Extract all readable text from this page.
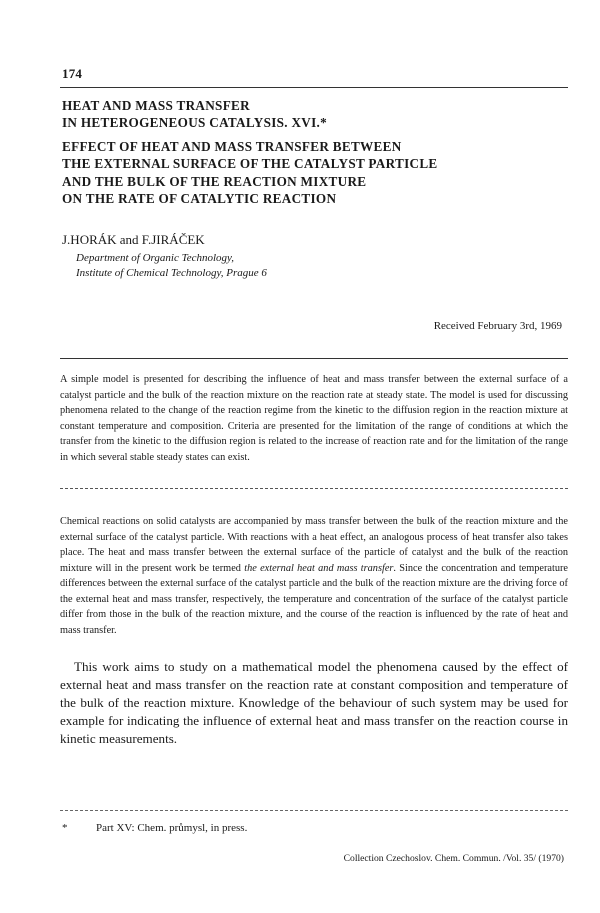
174

HEAT AND MASS TRANSFER

IN HETEROGENEOUS CATALYSIS. XVI.*

EFFECT OF HEAT AND MASS TRANSFER BETWEEN

THE EXTERNAL SURFACE OF THE CATALYST PARTICLE

AND THE BULK OF THE REACTION MIXTURE

ON THE RATE OF CATALYTIC REACTION

J.HORÁK and F.JIRÁČEK

Department of Organic Technology,

Institute of Chemical Technology, Prague 6

Received February 3rd, 1969

A simple model is presented for describing the influence of heat and mass transfer between the external surface of a catalyst particle and the bulk of the reaction mixture on the reaction rate at steady state. The model is used for discussing phenomena related to the change of the reaction regime from the kinetic to the diffusion region in the reaction mixture at constant temperature and composition. Criteria are presented for the limitation of the range of conditions at which the transfer from the kinetic to the diffusion region is related to the increase of reaction rate and for the limitation of the range in which several stable steady states can exist.

Chemical reactions on solid catalysts are accompanied by mass transfer between the bulk of the reaction mixture and the external surface of the catalyst particle. With reactions with a heat effect, an analogous process of heat transfer also takes place. The heat and mass transfer between the external surface of the particle of catalyst and the bulk of the reaction mixture will in the present work be termed the external heat and mass transfer. Since the concentration and temperature differences between the external surface of the catalyst particle and the bulk of the reaction mixture are the driving force of the external heat and mass transfer, respectively, the temperature and concentration of the surface of the catalyst particle differ from those in the bulk of the reaction mixture, and the course of the reaction is influenced by the rate of heat and mass transfer.

This work aims to study on a mathematical model the phenomena caused by the effect of external heat and mass transfer on the reaction rate at constant composition and temperature of the bulk of the reaction mixture. Knowledge of the behaviour of such system may be used for example for indicating the influence of external heat and mass transfer on the reaction course in kinetic measurements.

*	Part XV: Chem. průmysl, in press.

Collection Czechoslov. Chem. Commun. /Vol. 35/ (1970)
